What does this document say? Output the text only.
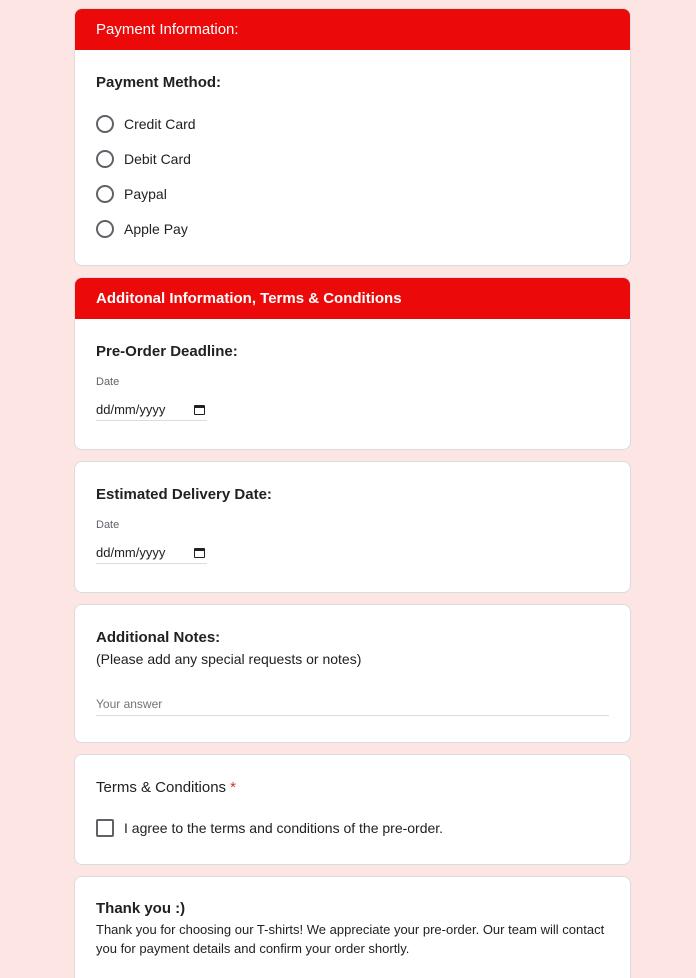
Payment Information:
Payment Method:
Credit Card
Debit Card
Paypal
Apple Pay
Additonal Information, Terms & Conditions
Pre-Order Deadline:
Date
dd/mm/yyyy
Estimated Delivery Date:
Date
dd/mm/yyyy
Additional Notes:
(Please add any special requests or notes)
Your answer
Terms & Conditions *
I agree to the terms and conditions of the pre-order.
Thank you :)
Thank you for choosing our T-shirts! We appreciate your pre-order. Our team will contact you for payment details and confirm your order shortly.
